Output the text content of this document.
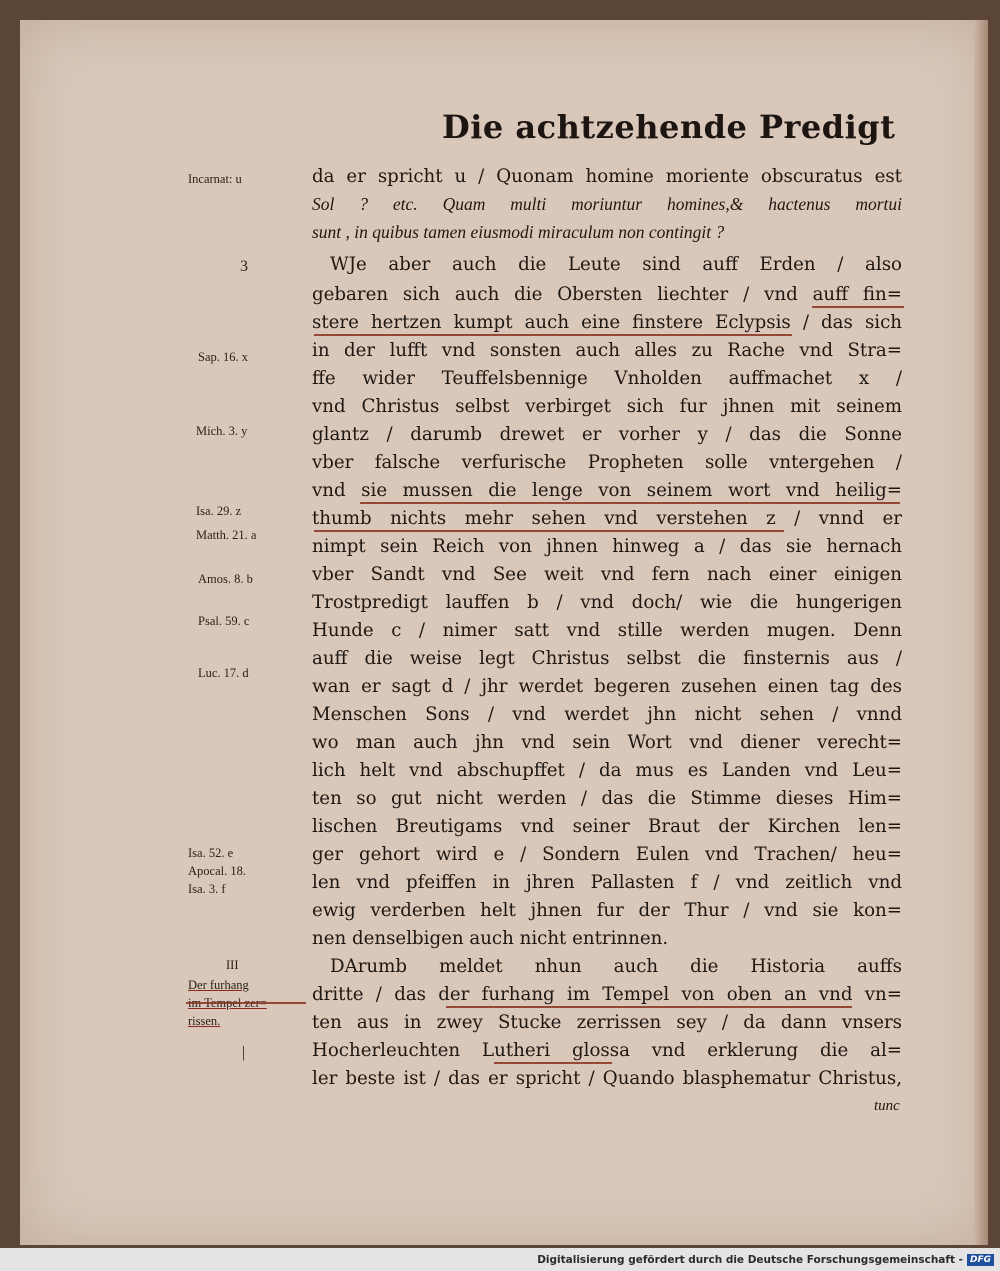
Die achtzehende Predigt
Incarnat: u
3
Sap. 16. x
Mich. 3. y
Isa. 29. z
Matth. 21. a
Amos. 8. b
Psal. 59. c
Luc. 17. d
Isa. 52. e
Apocal. 18.
Isa. 3. f
III
Der furhang
rissen.
|
da er spricht u / Quonam homine moriente obscuratus est
Sol ? etc. Quam multi moriuntur homines,& hactenus mortui
sunt , in quibus tamen eiusmodi miraculum non contingit ?
WJe aber auch die Leute sind auff Erden / also
gebaren sich auch die Obersten liechter / vnd auff fin=
stere hertzen kumpt auch eine finstere Eclypsis / das sich
in der lufft vnd sonsten auch alles zu Rache vnd Stra=
ffe wider Teuffelsbennige Vnholden auffmachet x /
vnd Christus selbst verbirget sich fur jhnen mit seinem
glantz / darumb drewet er vorher y / das die Sonne
vber falsche verfurische Propheten solle vntergehen /
vnd sie mussen die lenge von seinem wort vnd heilig=
thumb nichts mehr sehen vnd verstehen z / vnnd er
nimpt sein Reich von jhnen hinweg a / das sie hernach
vber Sandt vnd See weit vnd fern nach einer einigen
Trostpredigt lauffen b / vnd doch/ wie die hungerigen
Hunde c / nimer satt vnd stille werden mugen. Denn
auff die weise legt Christus selbst die finsternis aus /
wan er sagt d / jhr werdet begeren zusehen einen tag des
Menschen Sons / vnd werdet jhn nicht sehen / vnnd
wo man auch jhn vnd sein Wort vnd diener verecht=
lich helt vnd abschupffet / da mus es Landen vnd Leu=
ten so gut nicht werden / das die Stimme dieses Him=
lischen Breutigams vnd seiner Braut der Kirchen len=
ger gehort wird e / Sondern Eulen vnd Trachen/ heu=
len vnd pfeiffen in jhren Pallasten f / vnd zeitlich vnd
ewig verderben helt jhnen fur der Thur / vnd sie kon=
nen denselbigen auch nicht entrinnen.
DArumb meldet nhun auch die Historia auffs
dritte / das der furhang im Tempel von oben an vnd vn=
ten aus in zwey Stucke zerrissen sey / da dann vnsers
Hocherleuchten Lutheri glossa vnd erklerung die al=
ler beste ist / das er spricht / Quando blasphematur Christus,
tunc
Digitalisierung gefördert durch die Deutsche Forschungsgemeinschaft - DFG
